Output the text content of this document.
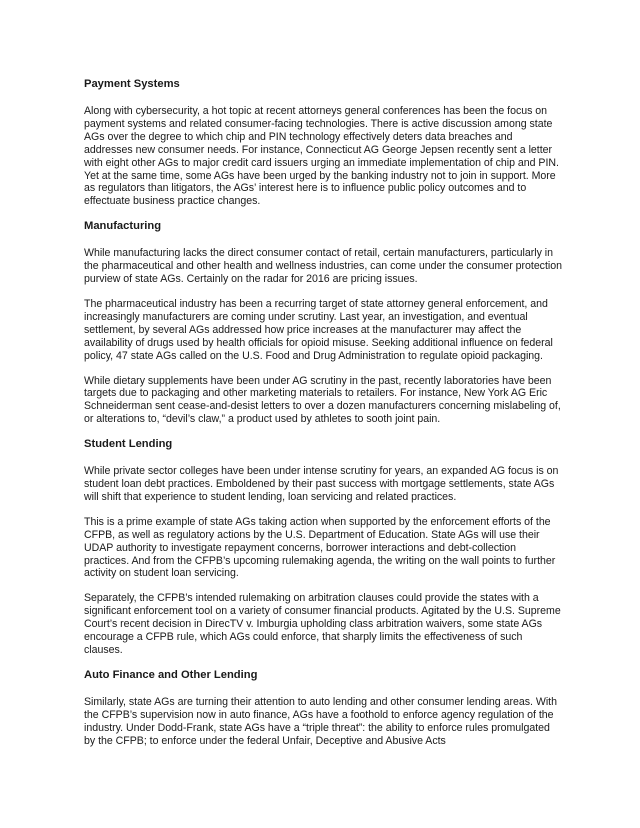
Payment Systems

Along with cybersecurity, a hot topic at recent attorneys general conferences has been the focus on payment systems and related consumer-facing technologies. There is active discussion among state AGs over the degree to which chip and PIN technology effectively deters data breaches and addresses new consumer needs. For instance, Connecticut AG George Jepsen recently sent a letter with eight other AGs to major credit card issuers urging an immediate implementation of chip and PIN. Yet at the same time, some AGs have been urged by the banking industry not to join in support. More as regulators than litigators, the AGs’ interest here is to influence public policy outcomes and to effectuate business practice changes.

Manufacturing

While manufacturing lacks the direct consumer contact of retail, certain manufacturers, particularly in the pharmaceutical and other health and wellness industries, can come under the consumer protection purview of state AGs. Certainly on the radar for 2016 are pricing issues.

The pharmaceutical industry has been a recurring target of state attorney general enforcement, and increasingly manufacturers are coming under scrutiny. Last year, an investigation, and eventual settlement, by several AGs addressed how price increases at the manufacturer may affect the availability of drugs used by health officials for opioid misuse. Seeking additional influence on federal policy, 47 state AGs called on the U.S. Food and Drug Administration to regulate opioid packaging.

While dietary supplements have been under AG scrutiny in the past, recently laboratories have been targets due to packaging and other marketing materials to retailers. For instance, New York AG Eric Schneiderman sent cease-and-desist letters to over a dozen manufacturers concerning mislabeling of, or alterations to, “devil’s claw,” a product used by athletes to sooth joint pain.

Student Lending

While private sector colleges have been under intense scrutiny for years, an expanded AG focus is on student loan debt practices. Emboldened by their past success with mortgage settlements, state AGs will shift that experience to student lending, loan servicing and related practices.

This is a prime example of state AGs taking action when supported by the enforcement efforts of the CFPB, as well as regulatory actions by the U.S. Department of Education. State AGs will use their UDAP authority to investigate repayment concerns, borrower interactions and debt-collection practices. And from the CFPB’s upcoming rulemaking agenda, the writing on the wall points to further activity on student loan servicing.

Separately, the CFPB’s intended rulemaking on arbitration clauses could provide the states with a significant enforcement tool on a variety of consumer financial products. Agitated by the U.S. Supreme Court’s recent decision in DirecTV v. Imburgia upholding class arbitration waivers, some state AGs encourage a CFPB rule, which AGs could enforce, that sharply limits the effectiveness of such clauses.

Auto Finance and Other Lending

Similarly, state AGs are turning their attention to auto lending and other consumer lending areas. With the CFPB’s supervision now in auto finance, AGs have a foothold to enforce agency regulation of the industry. Under Dodd-Frank, state AGs have a “triple threat”: the ability to enforce rules promulgated by the CFPB; to enforce under the federal Unfair, Deceptive and Abusive Acts
